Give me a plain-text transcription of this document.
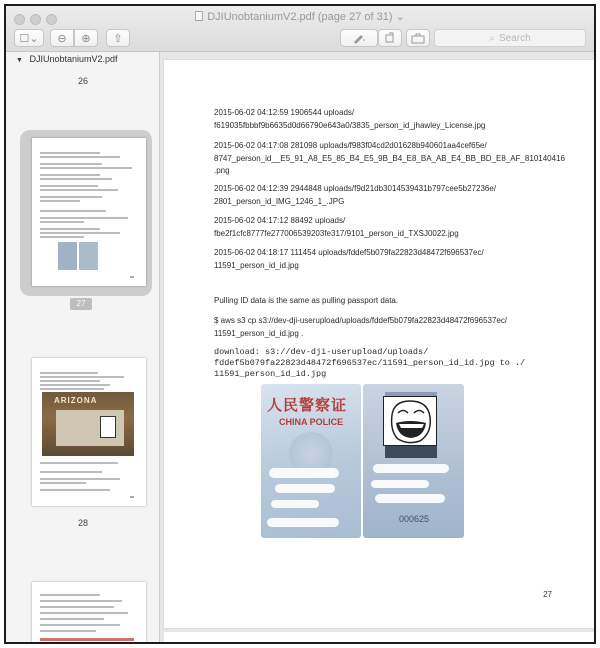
DJIUnobtaniumV2.pdf (page 27 of 31) ⌄
☐⌄ ⊖ ⊕ ⇧	⌕ Search
▼ DJIUnobtaniumV2.pdf
26
27
ARIZONA
28
2015-06-02 04:12:59 1906544 uploads/
f619035fbbbf9b6635d0d66790e643a0/3835_person_id_jhawley_License.jpg
2015-06-02 04:17:08 281098 uploads/f983f04cd2d01628b940601aa4cef65e/
8747_person_id__E5_91_A8_E5_85_B4_E5_9B_B4_E8_BA_AB_E4_BB_BD_E8_AF_810140416
.png
2015-06-02 04:12:39 2944848 uploads/f9d21db3014539431b797cee5b27236e/
2801_person_id_IMG_1246_1_.JPG
2015-06-02 04:17:12 88492 uploads/
fbe2f1cfc8777fe277006539203fe317/9101_person_id_TXSJ0022.jpg
2015-06-02 04:18:17 111454 uploads/fddef5b079fa22823d48472f696537ec/
11591_person_id_id.jpg
Pulling ID data is the same as pulling passport data.
$ aws s3 cp s3://dev-dji-userupload/uploads/fddef5b079fa22823d48472f696537ec/
11591_person_id_id.jpg .
download: s3://dev-dji-userupload/uploads/
fddef5b079fa22823d48472f696537ec/11591_person_id_id.jpg to ./
11591_person_id_id.jpg
人民警察证
CHINA POLICE
000625
27
